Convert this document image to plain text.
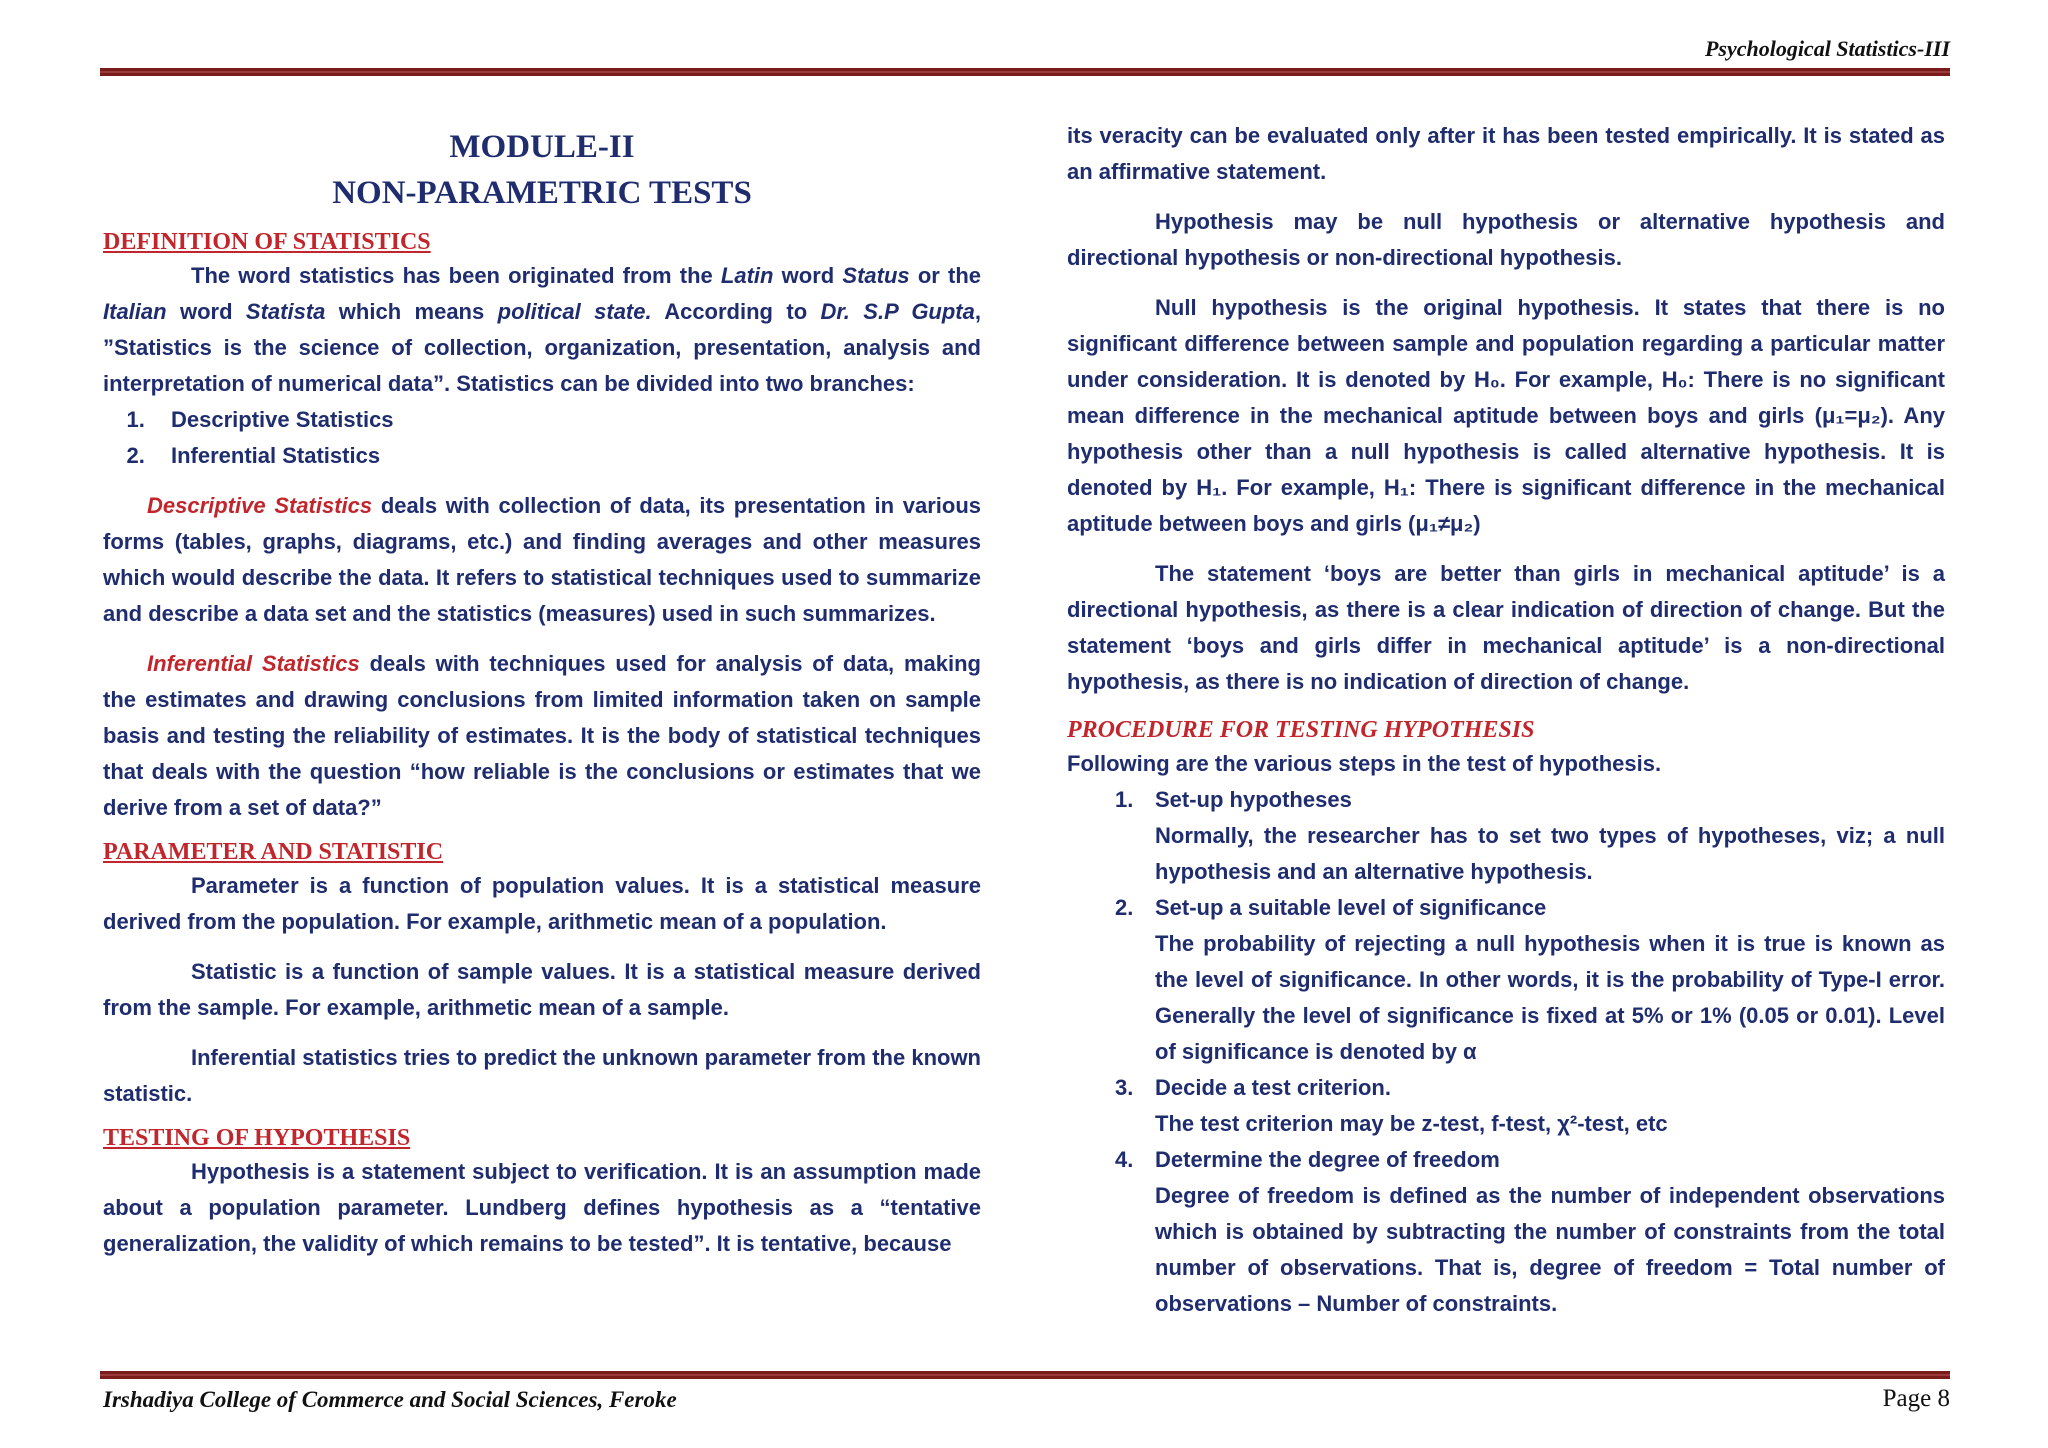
Psychological Statistics-III
MODULE-II
NON-PARAMETRIC TESTS
DEFINITION OF STATISTICS

The word statistics has been originated from the Latin word Status or the Italian word Statista which means political state. According to Dr. S.P Gupta, ”Statistics is the science of collection, organization, presentation, analysis and interpretation of numerical data”. Statistics can be divided into two branches:

1. Descriptive Statistics
2. Inferential Statistics

Descriptive Statistics deals with collection of data, its presentation in various forms (tables, graphs, diagrams, etc.) and finding averages and other measures which would describe the data. It refers to statistical techniques used to summarize and describe a data set and the statistics (measures) used in such summarizes.

Inferential Statistics deals with techniques used for analysis of data, making the estimates and drawing conclusions from limited information taken on sample basis and testing the reliability of estimates. It is the body of statistical techniques that deals with the question “how reliable is the conclusions or estimates that we derive from a set of data?”

PARAMETER AND STATISTIC

Parameter is a function of population values. It is a statistical measure derived from the population. For example, arithmetic mean of a population.

Statistic is a function of sample values. It is a statistical measure derived from the sample. For example, arithmetic mean of a sample.

Inferential statistics tries to predict the unknown parameter from the known statistic.

TESTING OF HYPOTHESIS

Hypothesis is a statement subject to verification. It is an assumption made about a population parameter. Lundberg defines hypothesis as a “tentative generalization, the validity of which remains to be tested”. It is tentative, because

its veracity can be evaluated only after it has been tested empirically. It is stated as an affirmative statement.

Hypothesis may be null hypothesis or alternative hypothesis and directional hypothesis or non-directional hypothesis.

Null hypothesis is the original hypothesis. It states that there is no significant difference between sample and population regarding a particular matter under consideration. It is denoted by H₀. For example, H₀: There is no significant mean difference in the mechanical aptitude between boys and girls (μ₁=μ₂). Any hypothesis other than a null hypothesis is called alternative hypothesis. It is denoted by H₁. For example, H₁: There is significant difference in the mechanical aptitude between boys and girls (μ₁≠μ₂)

The statement ‘boys are better than girls in mechanical aptitude’ is a directional hypothesis, as there is a clear indication of direction of change. But the statement ‘boys and girls differ in mechanical aptitude’ is a non-directional hypothesis, as there is no indication of direction of change.

PROCEDURE FOR TESTING HYPOTHESIS

Following are the various steps in the test of hypothesis.

1. Set-up hypotheses
Normally, the researcher has to set two types of hypotheses, viz; a null hypothesis and an alternative hypothesis.
2. Set-up a suitable level of significance
The probability of rejecting a null hypothesis when it is true is known as the level of significance. In other words, it is the probability of Type-I error. Generally the level of significance is fixed at 5% or 1% (0.05 or 0.01). Level of significance is denoted by α
3. Decide a test criterion.
The test criterion may be z-test, f-test, χ²-test, etc
4. Determine the degree of freedom
Degree of freedom is defined as the number of independent observations which is obtained by subtracting the number of constraints from the total number of observations. That is, degree of freedom = Total number of observations – Number of constraints.
Irshadiya College of Commerce and Social Sciences, Feroke	Page 8
